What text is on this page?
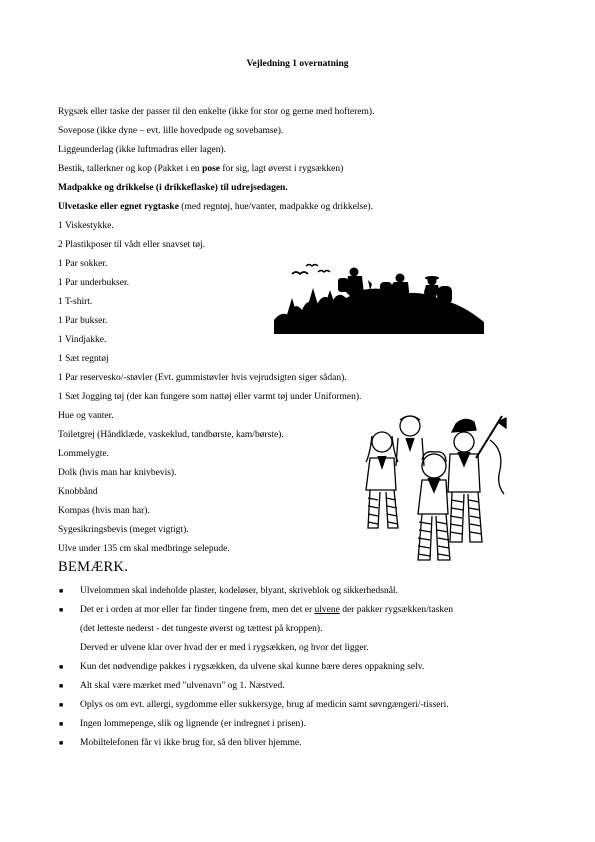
Vejledning 1 overnatning
Rygsæk eller taske der passer til den enkelte (ikke for stor og gerne med hofterem).
Sovepose (ikke dyne – evt. lille hovedpude og sovebamse).
Liggeunderlag (ikke luftmadras eller lagen).
Bestik, tallerkner og kop (Pakket i en pose for sig, lagt øverst i rygsækken)
Madpakke og drikkelse (i drikkeflaske) til udrejsedagen.
Ulvetaske eller egnet rygtaske (med regntøj, hue/vanter, madpakke og drikkelse).
1 Viskestykke.
2 Plastikposer til vådt eller snavset tøj.
1 Par sokker.
1 Par underbukser.
1 T-shirt.
1 Par bukser.
1 Vindjakke.
1 Sæt regntøj
1 Par reservesko/-støvler (Evt. gummistøvler hvis vejrudsigten siger sådan).
1 Sæt Jogging tøj (der kan fungere som nattøj eller varmt tøj under Uniformen).
Hue og vanter.
Toiletgrej (Håndklæde, vaskeklud, tandbørste, kam/børste).
Lommelygte.
Dolk (hvis man har knivbevis).
Knobbånd
Kompas (hvis man har).
Sygesikringsbevis (meget vigtigt).
Ulve under 135 cm skal medbringe selepude.
BEMÆRK.
■ Ulvelommen skal indeholde plaster, kodeløser, blyant, skriveblok og sikkerhedsnål.
■ Det er i orden at mor eller far finder tingene frem, men det er ulvene der pakker rygsækken/tasken
(det letteste nederst - det tungeste øverst og tættest på kroppen).
Derved er ulvene klar over hvad der er med i rygsækken, og hvor det ligger.
■ Kun det nødvendige pakkes i rygsækken, da ulvene skal kunne bære deres oppakning selv.
■ Alt skal være mærket med "ulvenavn" og 1. Næstved.
■ Oplys os om evt. allergi, sygdomme eller sukkersyge, brug af medicin samt søvngængeri/-tisseri.
■ Ingen lommepenge, slik og lignende (er indregnet i prisen).
■ Mobiltelefonen får vi ikke brug for, så den bliver hjemme.
